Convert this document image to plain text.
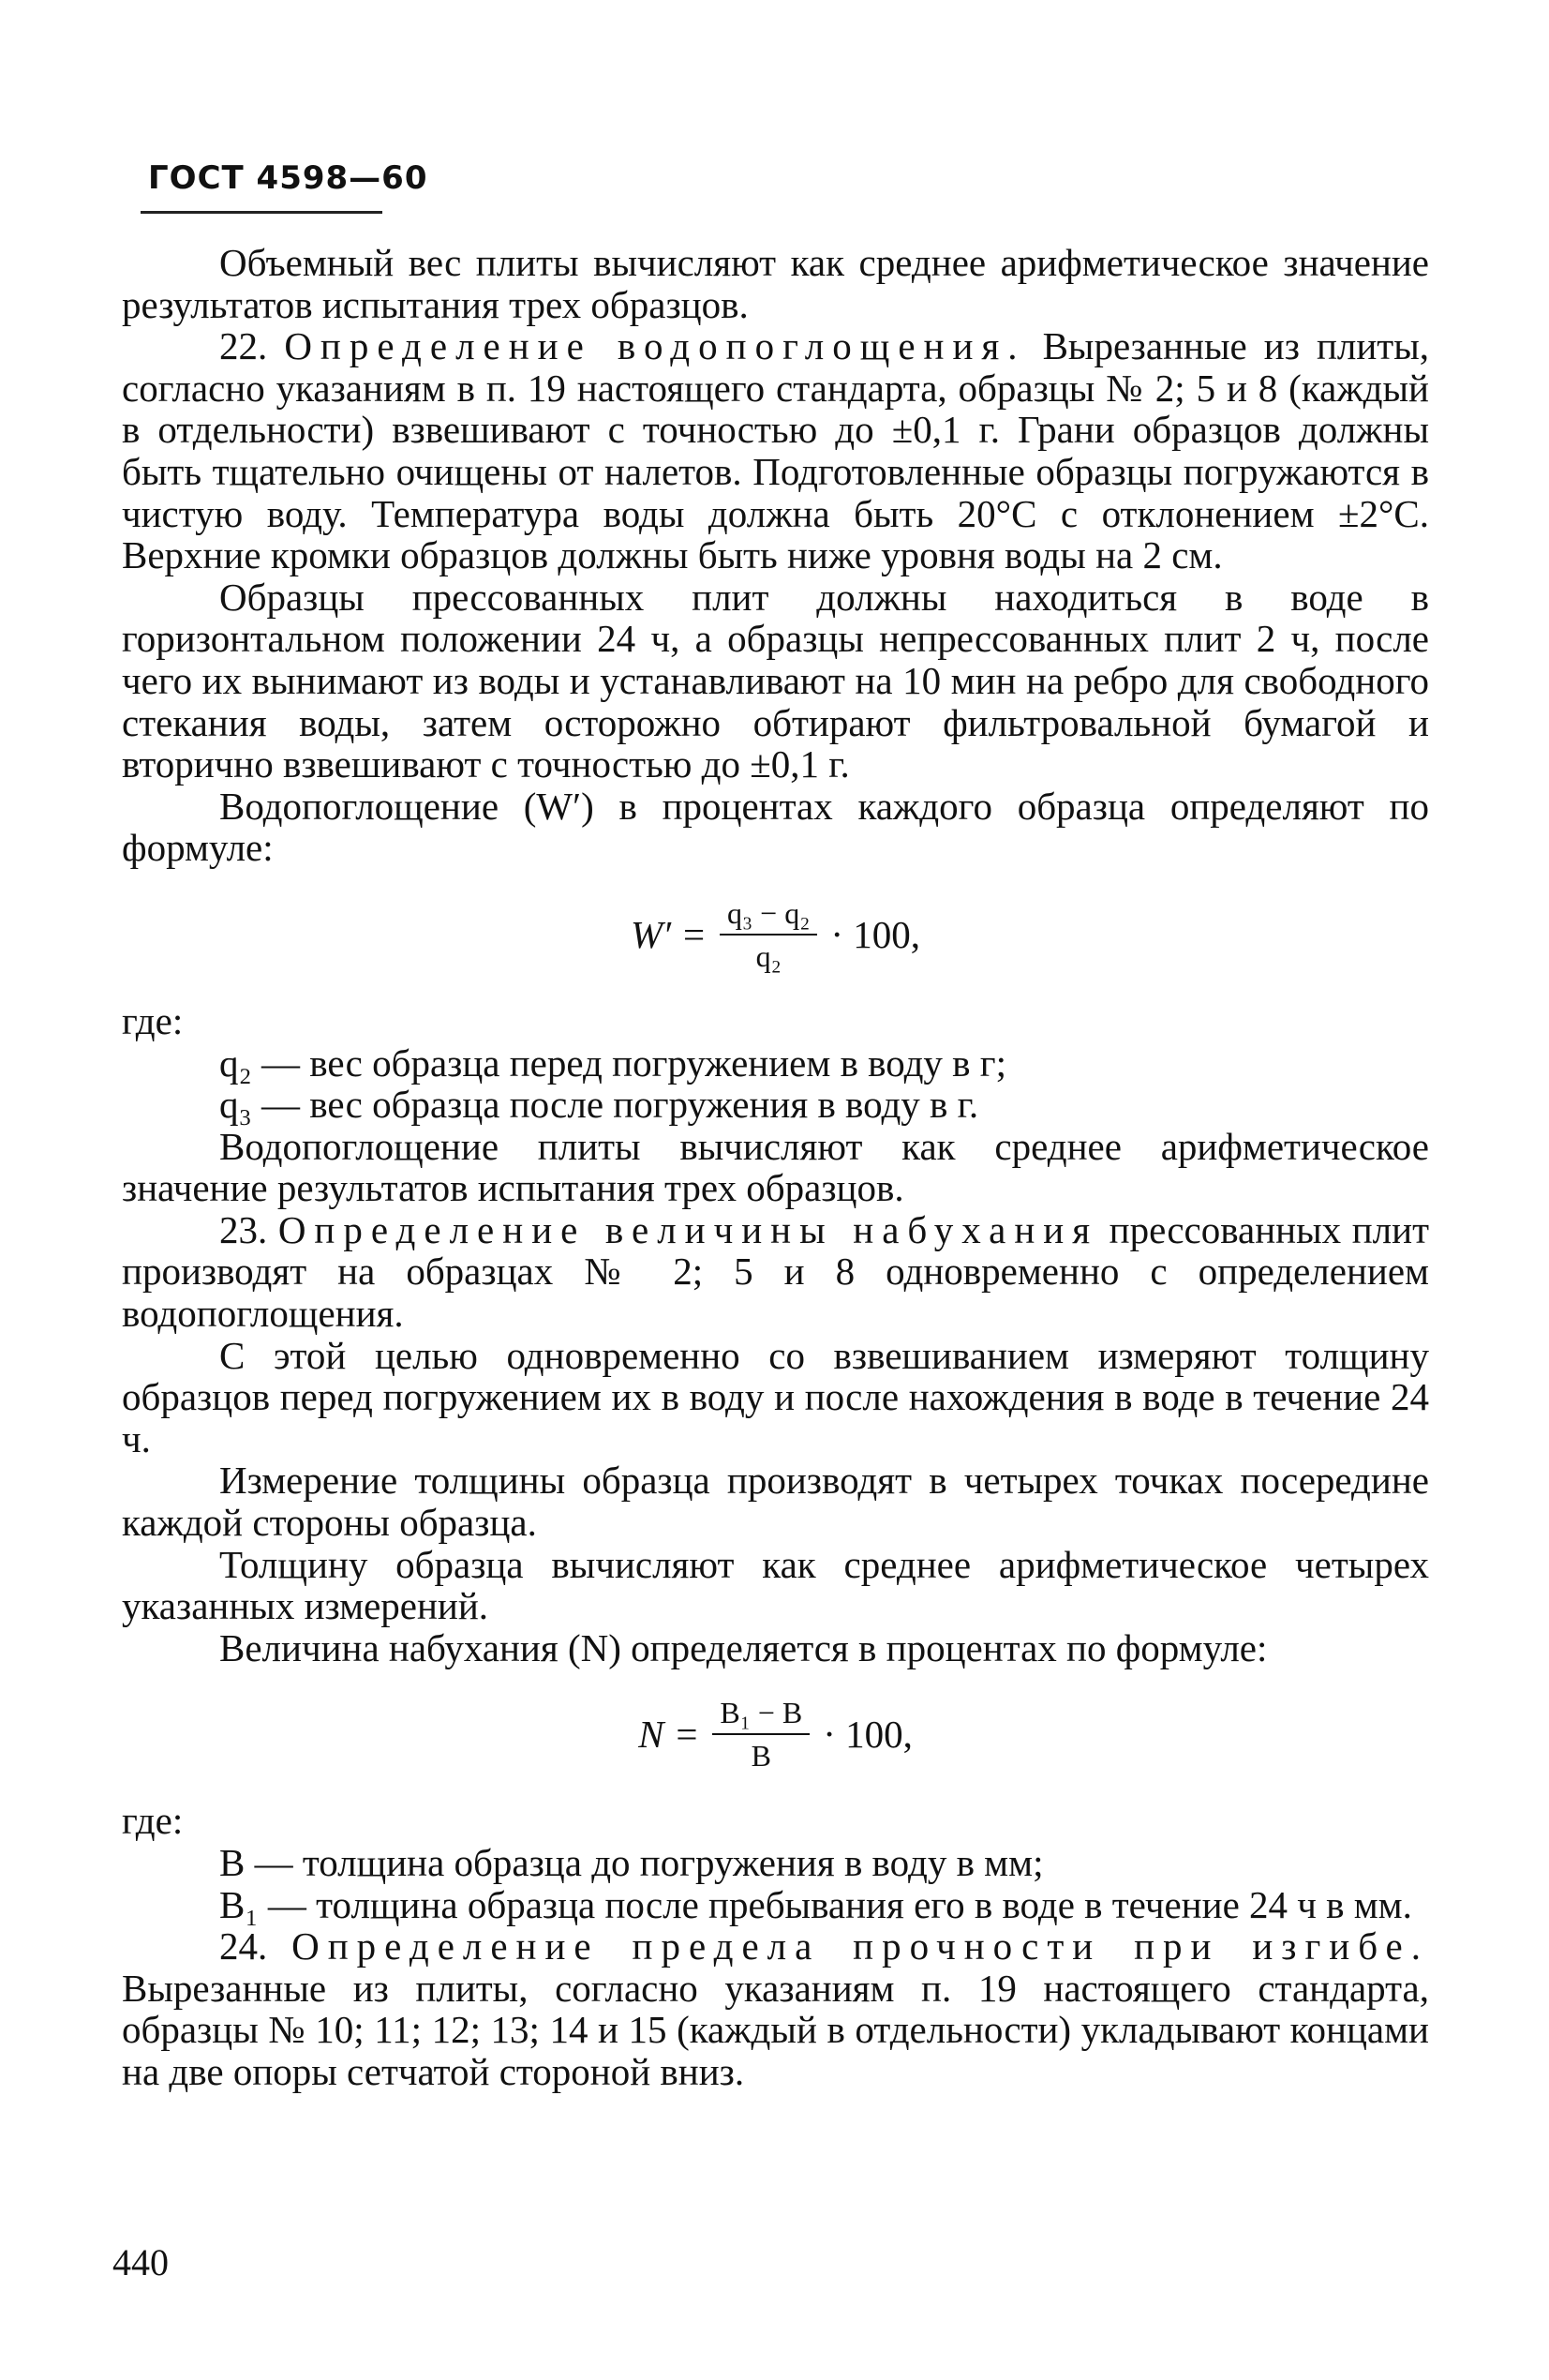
ГОСТ 4598—60

Объемный вес плиты вычисляют как среднее арифметическое значение результатов испытания трех образцов.

22. Определение водопоглощения. Вырезанные из плиты, согласно указаниям в п. 19 настоящего стандарта, образцы № 2; 5 и 8 (каждый в отдельности) взвешивают с точностью до ±0,1 г. Грани образцов должны быть тщательно очищены от налетов. Подготовленные образцы погружаются в чистую воду. Температура воды должна быть 20°С с отклонением ±2°С. Верхние кромки образцов должны быть ниже уровня воды на 2 см.

Образцы прессованных плит должны находиться в воде в горизонтальном положении 24 ч, а образцы непрессованных плит 2 ч, после чего их вынимают из воды и устанавливают на 10 мин на ребро для свободного стекания воды, затем осторожно обтирают фильтровальной бумагой и вторично взвешивают с точностью до ±0,1 г.

Водопоглощение (W′) в процентах каждого образца определяют по формуле:

$W' = \frac{\text{q₃ − q₂}}{\text{q₂}} \cdot 100$,

где:

q₂ — вес образца перед погружением в воду в г;

q₃ — вес образца после погружения в воду в г.

Водопоглощение плиты вычисляют как среднее арифметическое значение результатов испытания трех образцов.

23. Определение величины набухания прессованных плит производят на образцах № 2; 5 и 8 одновременно с определением водопоглощения.

С этой целью одновременно со взвешиванием измеряют толщину образцов перед погружением их в воду и после нахождения в воде в течение 24 ч.

Измерение толщины образца производят в четырех точках посередине каждой стороны образца.

Толщину образца вычисляют как среднее арифметическое четырех указанных измерений.

Величина набухания (N) определяется в процентах по формуле:

$N = \frac{\text{B₁ − B}}{B} \cdot 100$,

где:

B — толщина образца до погружения в воду в мм;

B₁ — толщина образца после пребывания его в воде в течение 24 ч в мм.

24. Определение предела прочности при изгибе. Вырезанные из плиты, согласно указаниям п. 19 настоящего стандарта, образцы № 10; 11; 12; 13; 14 и 15 (каждый в отдельности) укладывают концами на две опоры сетчатой стороной вниз.

440
